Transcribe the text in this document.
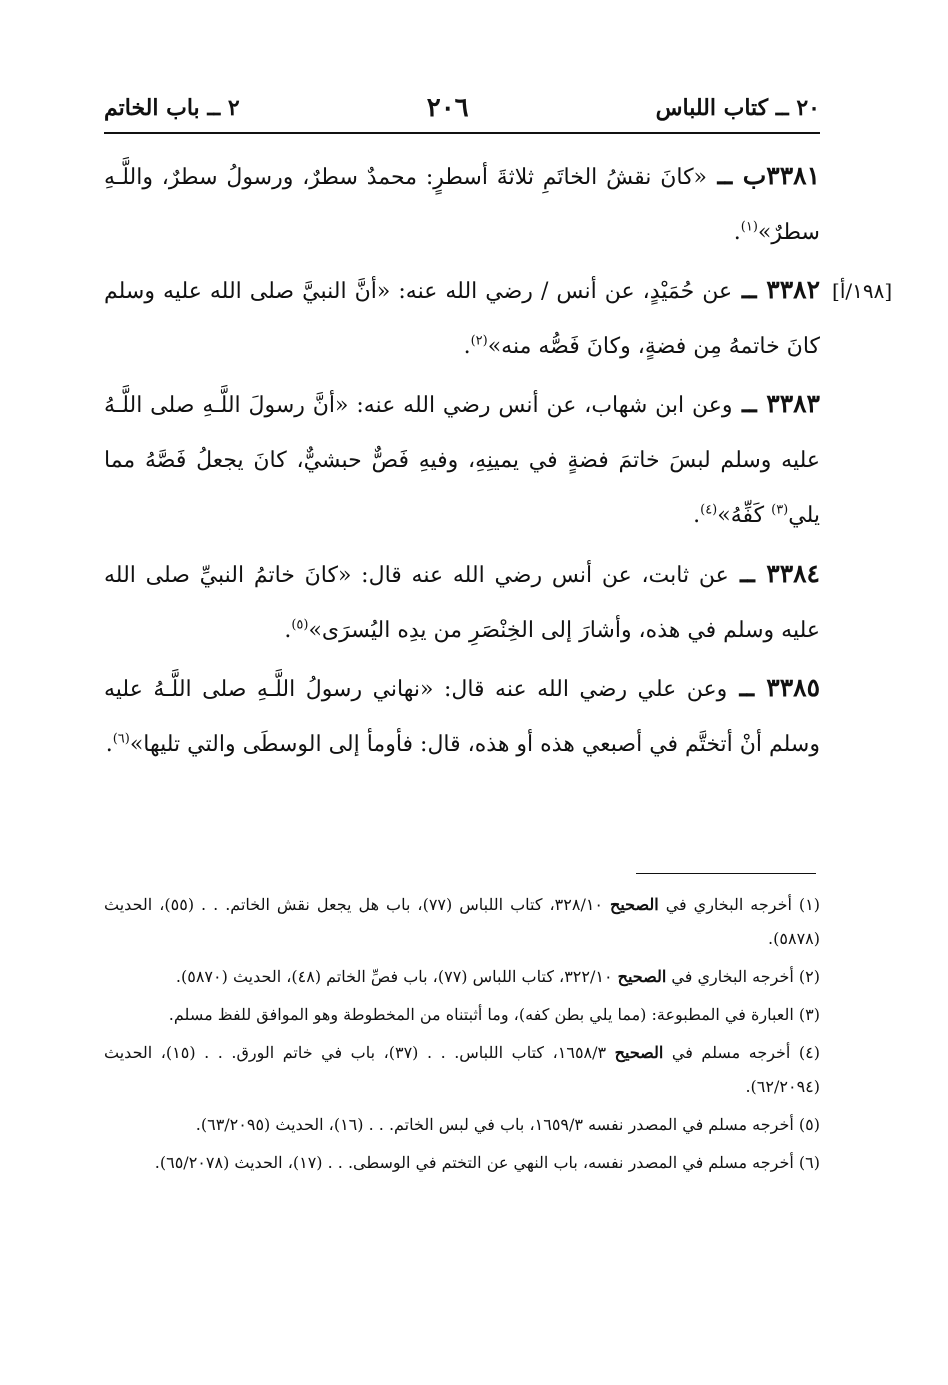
٢٠ ــ كتاب اللباس
٢٠٦
٢ ــ باب الخاتم
[١٩٨/أ]

٣٣٨١ب ــ «كانَ نقشُ الخاتَمِ ثلاثةَ أسطرٍ: محمدٌ سطرٌ، ورسولُ سطرٌ، واللَّـهِ سطرٌ»$^{(١)}$.

٣٣٨٢ ــ عن حُمَيْدٍ، عن أنس / رضي الله عنه: «أنَّ النبيَّ صلى الله عليه وسلم كانَ خاتمهُ مِن فضةٍ، وكانَ فَصُّه منه»$^{(٢)}$.

٣٣٨٣ ــ وعن ابن شهاب، عن أنس رضي الله عنه: «أنَّ رسولَ اللَّـهِ صلى اللَّـهُ عليه وسلم لبسَ خاتمَ فضةٍ في يمينِهِ، وفيهِ فَصٌّ حبشيٌّ، كانَ يجعلُ فَصَّهُ مما يلي$^{(٣)}$ كَفِّهُ»$^{(٤)}$.

٣٣٨٤ ــ عن ثابت، عن أنس رضي الله عنه قال: «كانَ خاتمُ النبيِّ صلى الله عليه وسلم في هذه، وأشارَ إلى الخِنْصَرِ من يدِه اليُسرَى»$^{(٥)}$.

٣٣٨٥ ــ وعن علي رضي الله عنه قال: «نهاني رسولُ اللَّـهِ صلى اللَّـهُ عليه وسلم أنْ أتختَّم في أصبعي هذه أو هذه، قال: فأومأ إلى الوسطَى والتي تليها»$^{(٦)}$.

(١) أخرجه البخاري في الصحيح ٣٢٨/١٠، كتاب اللباس (٧٧)، باب هل يجعل نقش الخاتم. . . (٥٥)، الحديث (٥٨٧٨).

(٢) أخرجه البخاري في الصحيح ٣٢٢/١٠، كتاب اللباس (٧٧)، باب فصِّ الخاتم (٤٨)، الحديث (٥٨٧٠).

(٣) العبارة في المطبوعة: (مما يلي بطن كفه)، وما أثبتناه من المخطوطة وهو الموافق للفظ مسلم.

(٤) أخرجه مسلم في الصحيح ١٦٥٨/٣، كتاب اللباس. . . (٣٧)، باب في خاتم الورق. . . (١٥)، الحديث (٦٢/٢٠٩٤).

(٥) أخرجه مسلم في المصدر نفسه ١٦٥٩/٣، باب في لبس الخاتم. . . (١٦)، الحديث (٦٣/٢٠٩٥).

(٦) أخرجه مسلم في المصدر نفسه، باب النهي عن التختم في الوسطى. . . (١٧)، الحديث (٦٥/٢٠٧٨).
